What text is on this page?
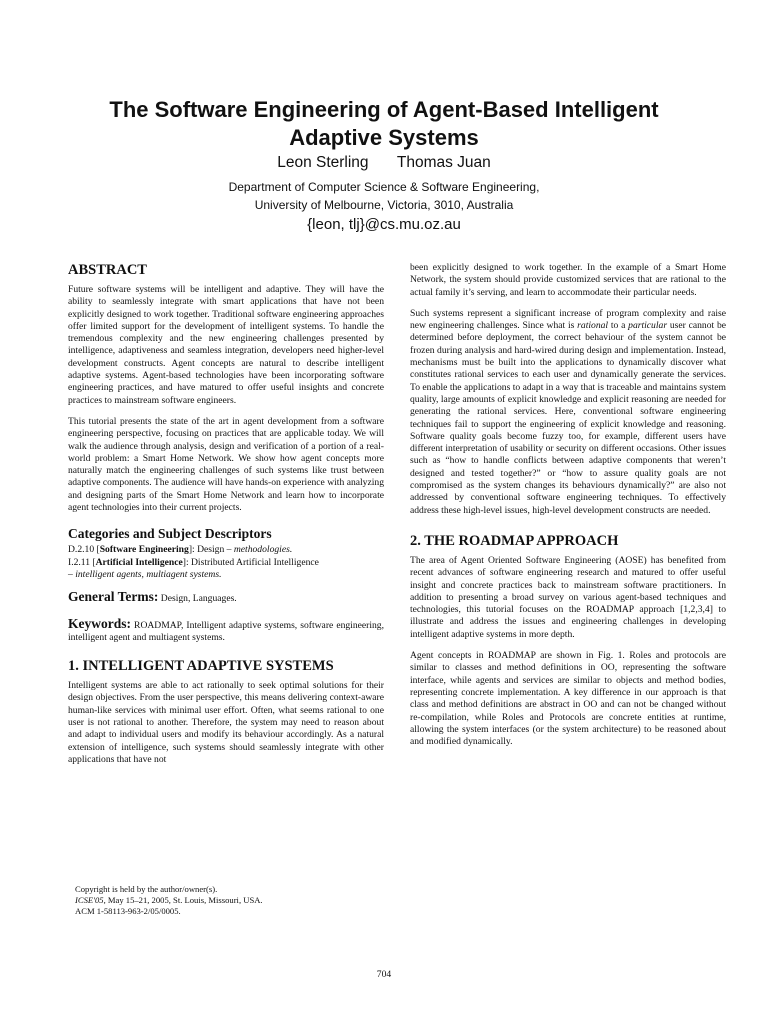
The Software Engineering of Agent-Based Intelligent
Adaptive Systems
Leon Sterling Thomas Juan
Department of Computer Science & Software Engineering,
University of Melbourne, Victoria, 3010, Australia
{leon, tlj}@cs.mu.oz.au
ABSTRACT

Future software systems will be intelligent and adaptive. They will have the ability to seamlessly integrate with smart applications that have not been explicitly designed to work together. Traditional software engineering approaches offer limited support for the development of intelligent systems. To handle the tremendous complexity and the new engineering challenges presented by intelligence, adaptiveness and seamless integration, developers need higher-level development constructs. Agent concepts are natural to describe intelligent adaptive systems. Agent-based technologies have been incorporating software engineering practices, and have matured to offer useful insights and concrete practices to mainstream software engineers.

This tutorial presents the state of the art in agent development from a software engineering perspective, focusing on practices that are applicable today. We will walk the audience through analysis, design and verification of a portion of a real-world problem: a Smart Home Network. We show how agent concepts more naturally match the engineering challenges of such systems like trust between adaptive components. The audience will have hands-on experience with analyzing and designing parts of the Smart Home Network and learn how to incorporate agent technologies into their current projects.

Categories and Subject Descriptors
D.2.10 [Software Engineering]: Design – methodologies.
I.2.11 [Artificial Intelligence]: Distributed Artificial Intelligence
– intelligent agents, multiagent systems.
General Terms: Design, Languages.
Keywords: ROADMAP, Intelligent adaptive systems, software engineering, intelligent agent and multiagent systems.
1. INTELLIGENT ADAPTIVE SYSTEMS

Intelligent systems are able to act rationally to seek optimal solutions for their design objectives. From the user perspective, this means delivering context-aware human-like services with minimal user effort. Often, what seems rational to one user is not rational to another. Therefore, the system may need to reason about and adapt to individual users and modify its behaviour accordingly. As a natural extension of intelligence, such systems should seamlessly integrate with other applications that have not

Copyright is held by the author/owner(s).
ICSE'05, May 15–21, 2005, St. Louis, Missouri, USA.
ACM 1-58113-963-2/05/0005.

been explicitly designed to work together. In the example of a Smart Home Network, the system should provide customized services that are rational to the actual family it’s serving, and learn to accommodate their particular needs.

Such systems represent a significant increase of program complexity and raise new engineering challenges. Since what is rational to a particular user cannot be determined before deployment, the correct behaviour of the system cannot be frozen during analysis and hard-wired during design and implementation. Instead, mechanisms must be built into the applications to dynamically discover what constitutes rational services to each user and dynamically generate the services. To enable the applications to adapt in a way that is traceable and maintains system quality, large amounts of explicit knowledge and explicit reasoning are needed for generating the rational services. Here, conventional software engineering techniques fail to support the engineering of explicit knowledge and reasoning. Software quality goals become fuzzy too, for example, different users have different interpretation of usability or security on different occasions. Other issues such as “how to handle conflicts between adaptive components that weren’t designed and tested together?” or “how to assure quality goals are not compromised as the system changes its behaviours dynamically?” are also not addressed by conventional software engineering techniques. To effectively address these high-level issues, high-level development constructs are needed.

2. THE ROADMAP APPROACH

The area of Agent Oriented Software Engineering (AOSE) has benefited from recent advances of software engineering research and matured to offer useful insight and concrete practices back to mainstream software practitioners. In addition to presenting a broad survey on various agent-based techniques and technologies, this tutorial focuses on the ROADMAP approach [1,2,3,4] to illustrate and address the issues and engineering challenges in developing intelligent adaptive systems in more depth.

Agent concepts in ROADMAP are shown in Fig. 1. Roles and protocols are similar to classes and method definitions in OO, representing the software interface, while agents and services are similar to objects and method bodies, representing concrete implementation. A key difference in our approach is that class and method definitions are abstract in OO and can not be changed without re-compilation, while Roles and Protocols are concrete entities at runtime, allowing the system interfaces (or the system architecture) to be reasoned about and modified dynamically.

704
